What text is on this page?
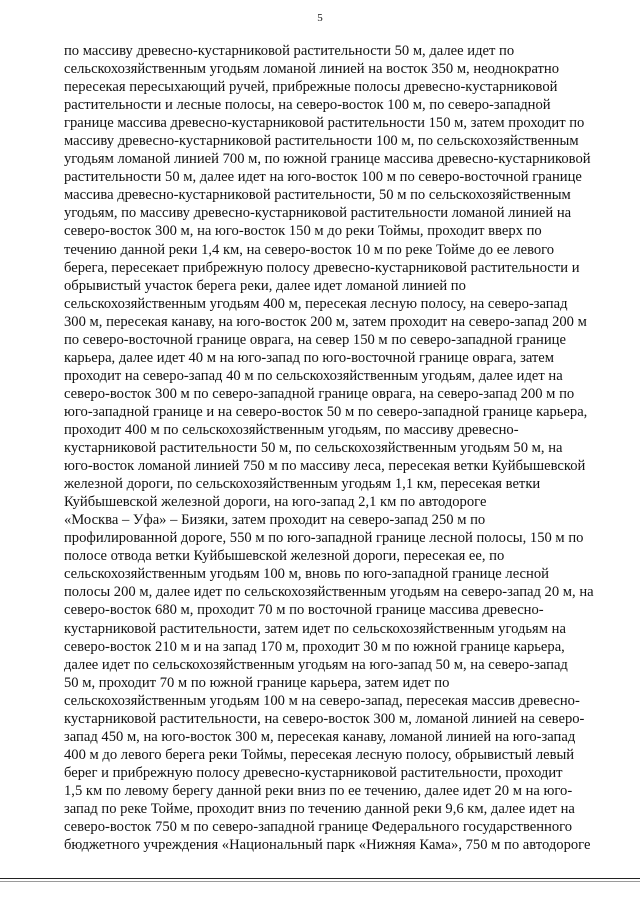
5

по массиву древесно-кустарниковой растительности 50 м, далее идет по
сельскохозяйственным угодьям ломаной линией на восток 350 м, неоднократно
пересекая пересыхающий ручей, прибрежные полосы древесно-кустарниковой
растительности и лесные полосы, на северо-восток 100 м, по северо-западной
границе массива древесно-кустарниковой растительности 150 м, затем проходит по
массиву древесно-кустарниковой растительности 100 м, по сельскохозяйственным
угодьям ломаной линией 700 м, по южной границе массива древесно-кустарниковой
растительности 50 м, далее идет на юго-восток 100 м по северо-восточной границе
массива древесно-кустарниковой растительности, 50 м по сельскохозяйственным
угодьям, по массиву древесно-кустарниковой растительности ломаной линией на
северо-восток 300 м, на юго-восток 150 м до реки Тоймы, проходит вверх по
течению данной реки 1,4 км, на северо-восток 10 м по реке Тойме до ее левого
берега, пересекает прибрежную полосу древесно-кустарниковой растительности и
обрывистый участок берега реки, далее идет ломаной линией по
сельскохозяйственным угодьям 400 м, пересекая лесную полосу, на северо-запад
300 м, пересекая канаву, на юго-восток 200 м, затем проходит на северо-запад 200 м
по северо-восточной границе оврага, на север 150 м по северо-западной границе
карьера, далее идет 40 м на юго-запад по юго-восточной границе оврага, затем
проходит на северо-запад 40 м по сельскохозяйственным угодьям, далее идет на
северо-восток 300 м по северо-западной границе оврага, на северо-запад 200 м по
юго-западной границе и на северо-восток 50 м по северо-западной границе карьера,
проходит 400 м по сельскохозяйственным угодьям, по массиву древесно-
кустарниковой растительности 50 м, по сельскохозяйственным угодьям 50 м, на
юго-восток ломаной линией 750 м по массиву леса, пересекая ветки Куйбышевской
железной дороги, по сельскохозяйственным угодьям 1,1 км, пересекая ветки
Куйбышевской железной дороги, на юго-запад 2,1 км по автодороге
«Москва – Уфа» – Бизяки, затем проходит на северо-запад 250 м по
профилированной дороге, 550 м по юго-западной границе лесной полосы, 150 м по
полосе отвода ветки Куйбышевской железной дороги, пересекая ее, по
сельскохозяйственным угодьям 100 м, вновь по юго-западной границе лесной
полосы 200 м, далее идет по сельскохозяйственным угодьям на северо-запад 20 м, на
северо-восток 680 м, проходит 70 м по восточной границе массива древесно-
кустарниковой растительности, затем идет по сельскохозяйственным угодьям на
северо-восток 210 м и на запад 170 м, проходит 30 м по южной границе карьера,
далее идет по сельскохозяйственным угодьям на юго-запад 50 м, на северо-запад
50 м, проходит 70 м по южной границе карьера, затем идет по
сельскохозяйственным угодьям 100 м на северо-запад, пересекая массив древесно-
кустарниковой растительности, на северо-восток 300 м, ломаной линией на северо-
запад 450 м, на юго-восток 300 м, пересекая канаву, ломаной линией на юго-запад
400 м до левого берега реки Тоймы, пересекая лесную полосу, обрывистый левый
берег и прибрежную полосу древесно-кустарниковой растительности, проходит
1,5 км по левому берегу данной реки вниз по ее течению, далее идет 20 м на юго-
запад по реке Тойме, проходит вниз по течению данной реки 9,6 км, далее идет на
северо-восток 750 м по северо-западной границе Федерального государственного
бюджетного учреждения «Национальный парк «Нижняя Кама», 750 м по автодороге
